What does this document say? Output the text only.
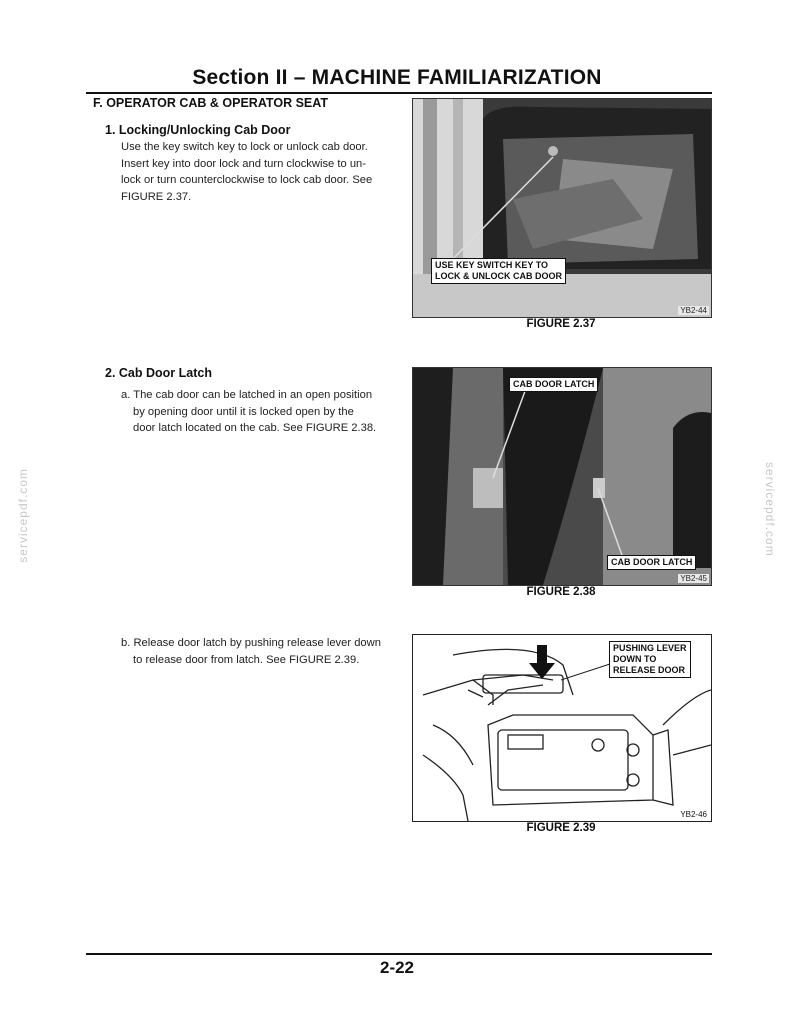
Section II – MACHINE FAMILIARIZATION
F. OPERATOR CAB & OPERATOR SEAT
1. Locking/Unlocking Cab Door
Use the key switch key to lock or unlock cab door.
Insert key into door lock and turn clockwise to un-
lock or turn counterclockwise to lock cab door. See
FIGURE 2.37.
2. Cab Door Latch
a. The cab door can be latched in an open position
by opening door until it is locked open by the
door latch located on the cab. See FIGURE 2.38.
b. Release door latch by pushing release lever down
to release door from latch. See FIGURE 2.39.
USE KEY SWITCH KEY TO
LOCK & UNLOCK CAB DOOR
YB2-44
FIGURE 2.37
CAB DOOR LATCH
CAB DOOR LATCH
YB2-45
FIGURE 2.38
PUSHING LEVER
DOWN TO
RELEASE DOOR
YB2-46
FIGURE 2.39
2-22
servicepdf.com	servicepdf.com
